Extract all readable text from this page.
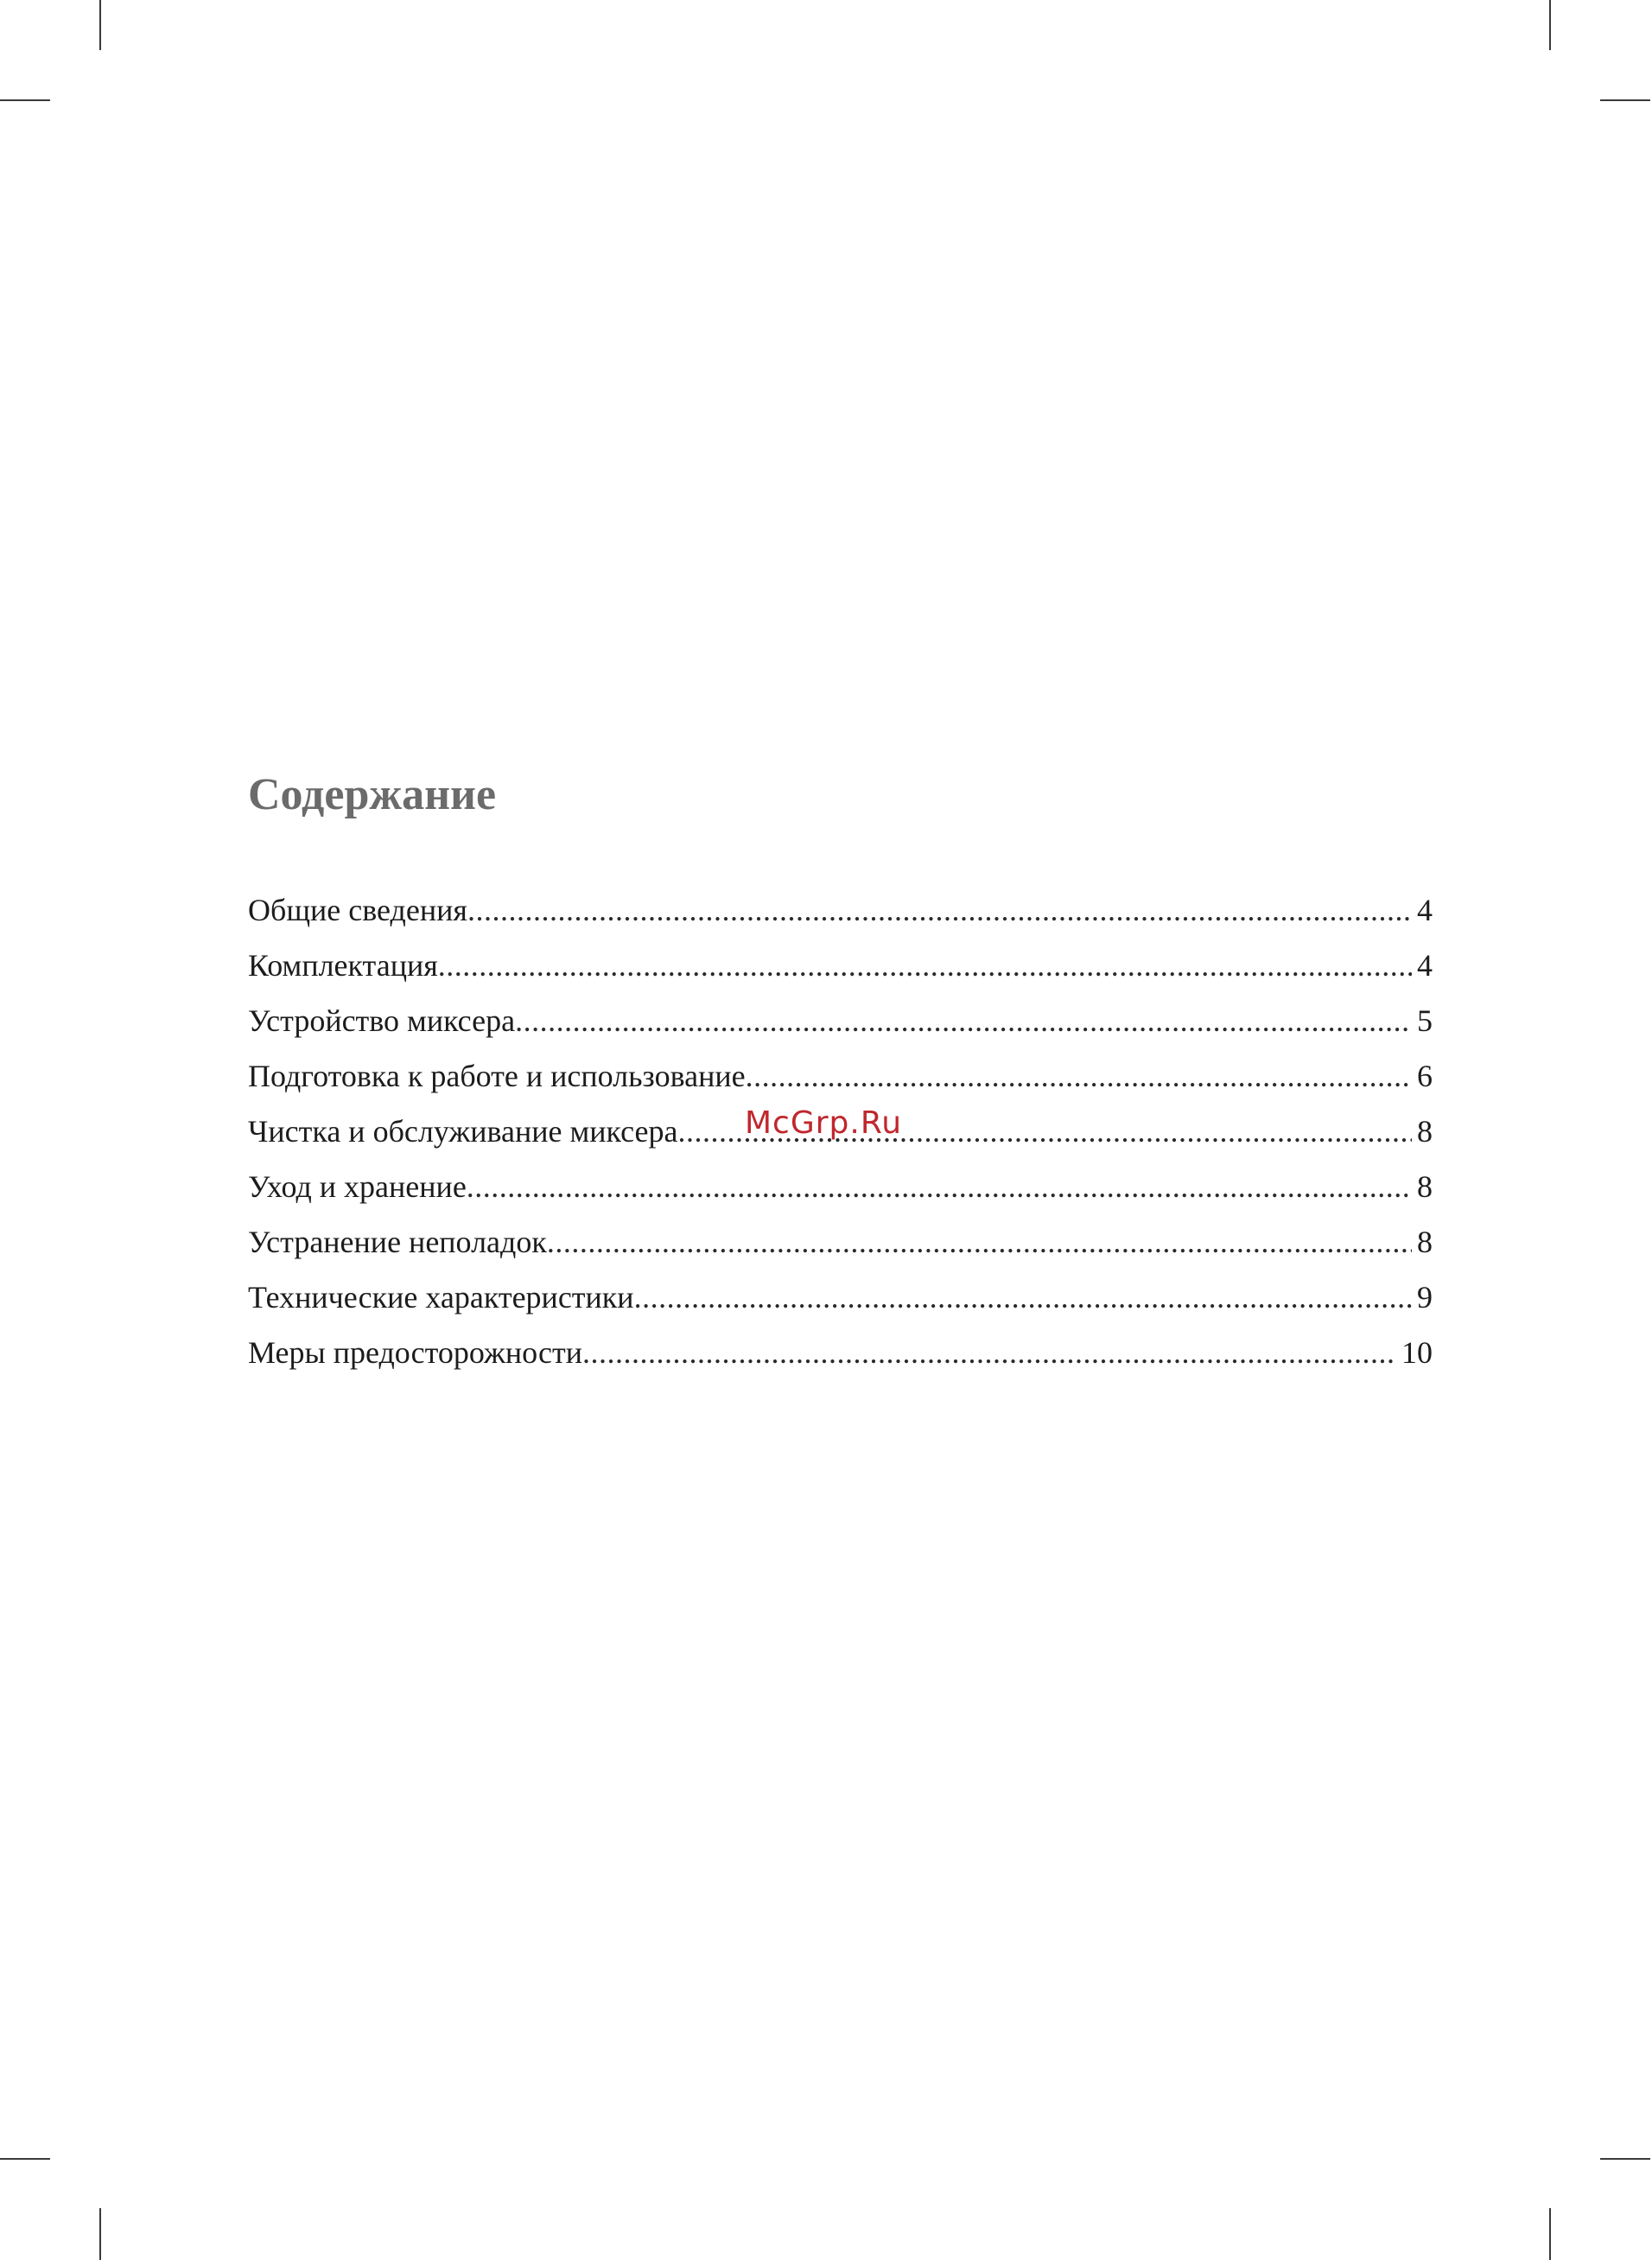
Содержание
Общие сведения .....	4
Комплектация .....	4
Устройство миксера .....	5
Подготовка к работе и использование .....	6
Чистка и обслуживание миксера .....	8
Уход и хранение .....	8
Устранение неполадок .....	8
Технические характеристики .....	9
Меры предосторожности .....	10
McGrp.Ru
